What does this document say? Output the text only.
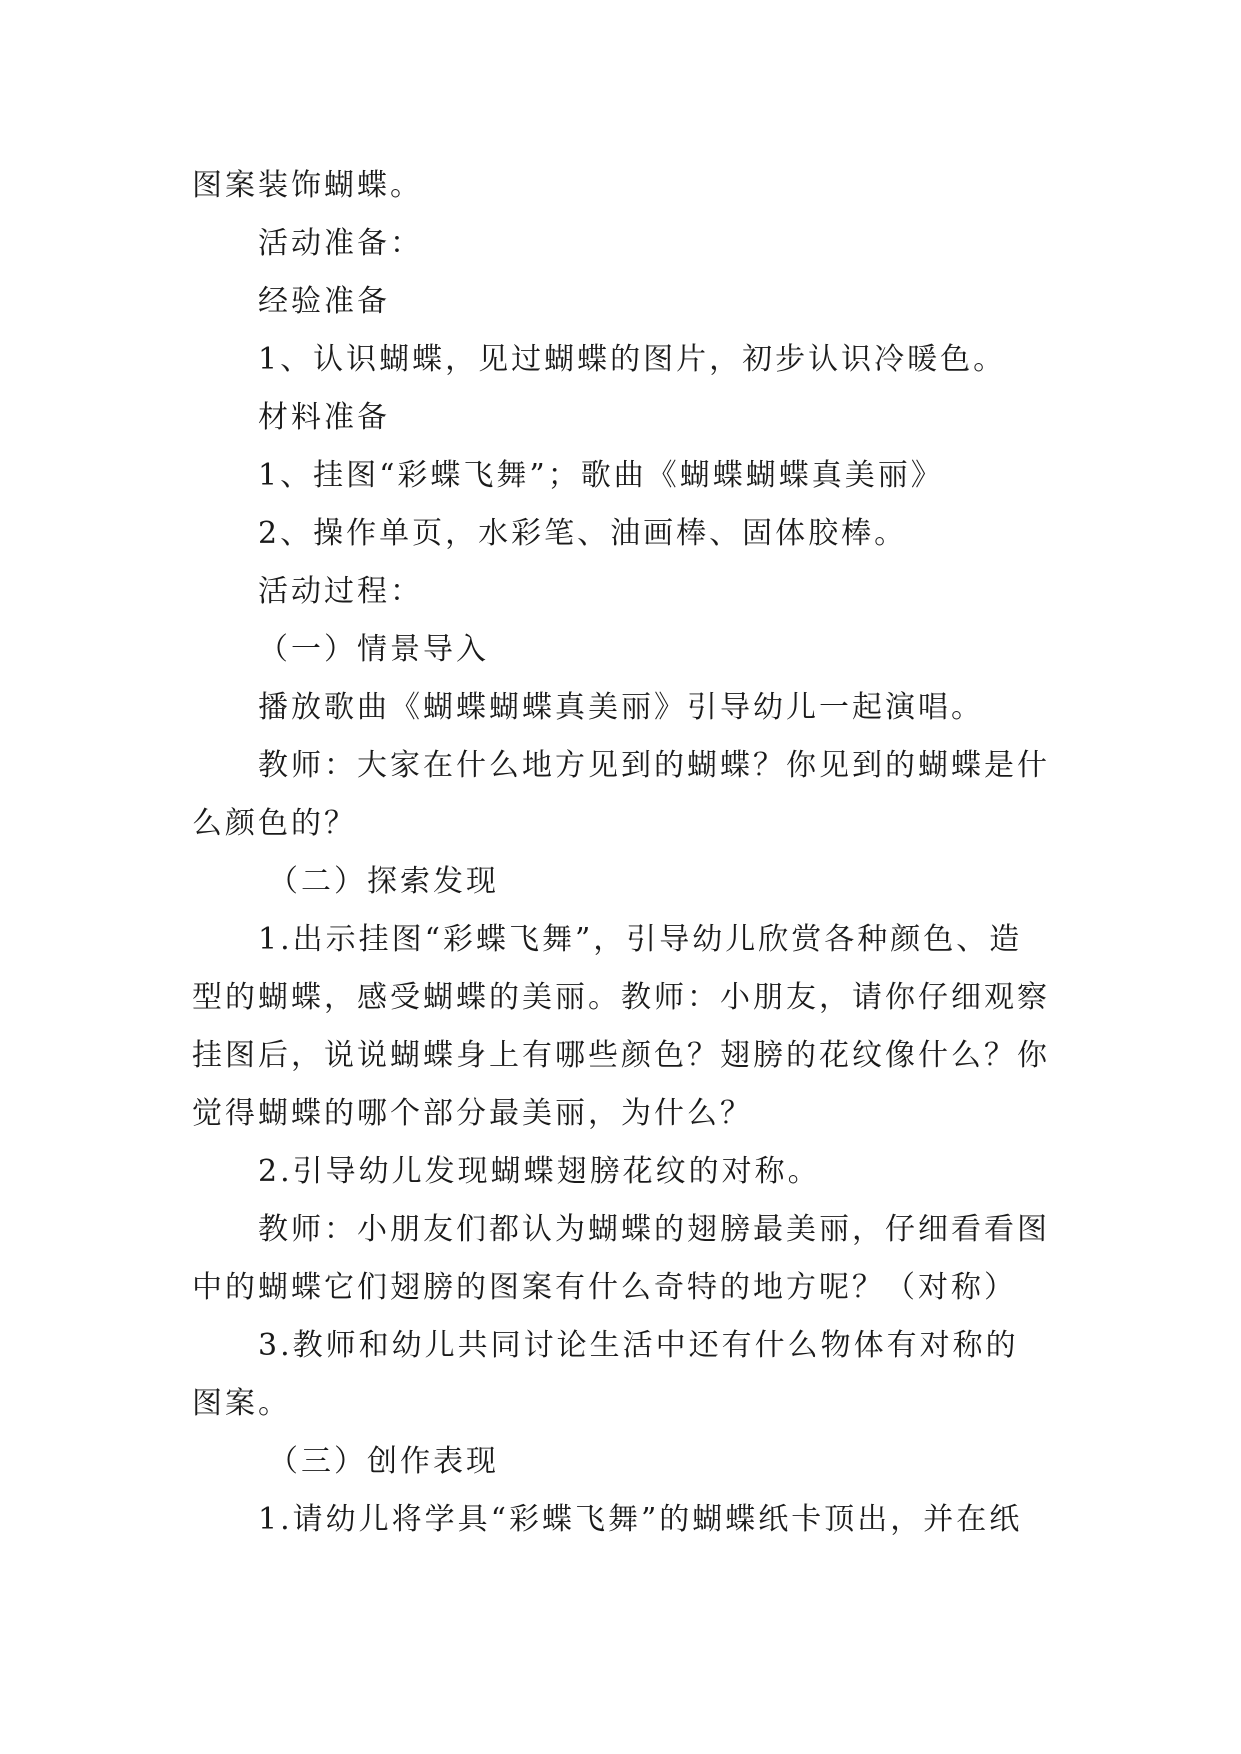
图案装饰蝴蝶。
活动准备：
经验准备
1、认识蝴蝶，见过蝴蝶的图片，初步认识冷暖色。
材料准备
1、挂图“彩蝶飞舞”；歌曲《蝴蝶蝴蝶真美丽》
2、操作单页，水彩笔、油画棒、固体胶棒。
活动过程：
（一）情景导入
播放歌曲《蝴蝶蝴蝶真美丽》引导幼儿一起演唱。
教师：大家在什么地方见到的蝴蝶？你见到的蝴蝶是什
么颜色的？
（二）探索发现
1.出示挂图“彩蝶飞舞”，引导幼儿欣赏各种颜色、造
型的蝴蝶，感受蝴蝶的美丽。教师：小朋友，请你仔细观察
挂图后，说说蝴蝶身上有哪些颜色？翅膀的花纹像什么？你
觉得蝴蝶的哪个部分最美丽，为什么？
2.引导幼儿发现蝴蝶翅膀花纹的对称。
教师：小朋友们都认为蝴蝶的翅膀最美丽，仔细看看图
中的蝴蝶它们翅膀的图案有什么奇特的地方呢？（对称）
3.教师和幼儿共同讨论生活中还有什么物体有对称的
图案。
（三）创作表现
1.请幼儿将学具“彩蝶飞舞”的蝴蝶纸卡顶出，并在纸
